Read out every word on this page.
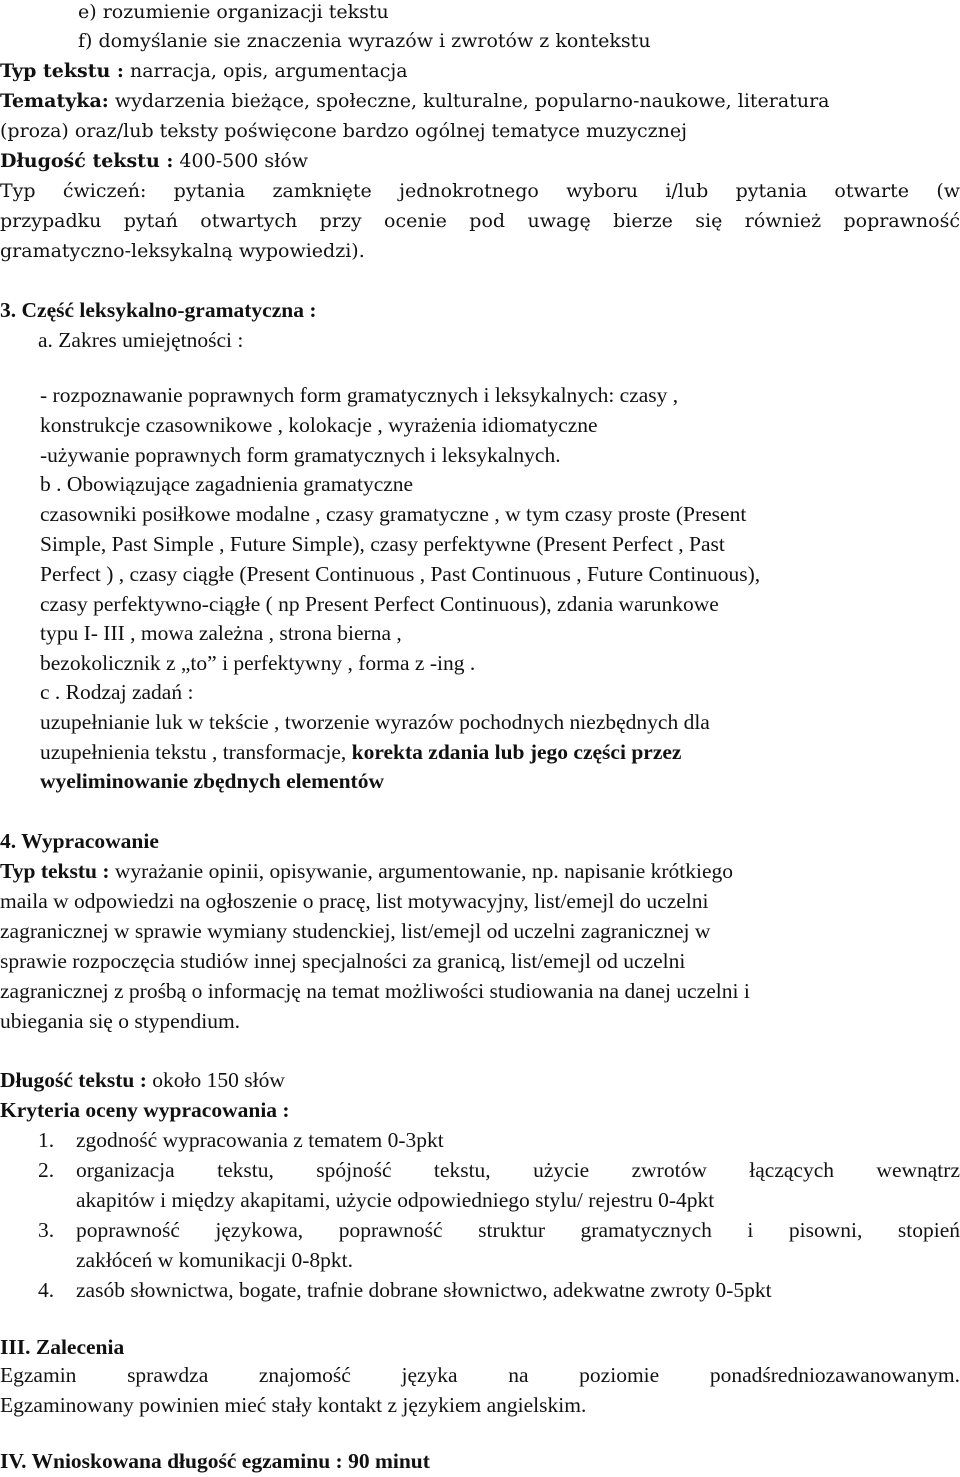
e) rozumienie organizacji tekstu
f) domyślanie sie znaczenia wyrazów i zwrotów z kontekstu
Typ tekstu : narracja, opis, argumentacja
Tematyka: wydarzenia bieżące, społeczne, kulturalne, popularno-naukowe, literatura
(proza) oraz/lub teksty poświęcone bardzo ogólnej tematyce muzycznej
Długość tekstu : 400-500 słów
Typ ćwiczeń: pytania zamknięte jednokrotnego wyboru i/lub pytania otwarte (w
przypadku pytań otwartych przy ocenie pod uwagę bierze się również poprawność
gramatyczno-leksykalną wypowiedzi).
3. Część leksykalno-gramatyczna :
a. Zakres umiejętności :
- rozpoznawanie poprawnych form gramatycznych i leksykalnych: czasy ,
konstrukcje czasownikowe , kolokacje , wyrażenia idiomatyczne
-używanie poprawnych form gramatycznych i leksykalnych.
b . Obowiązujące zagadnienia gramatyczne
czasowniki posiłkowe modalne , czasy gramatyczne , w tym czasy proste (Present
Simple, Past Simple , Future Simple), czasy perfektywne (Present Perfect , Past
Perfect ) , czasy ciągłe (Present Continuous , Past Continuous , Future Continuous),
czasy perfektywno-ciągłe ( np Present Perfect Continuous), zdania warunkowe
typu I- III , mowa zależna , strona bierna ,
bezokolicznik z „to” i perfektywny , forma z -ing .
c . Rodzaj zadań :
uzupełnianie luk w tekście , tworzenie wyrazów pochodnych niezbędnych dla
uzupełnienia tekstu , transformacje, korekta zdania lub jego części przez
wyeliminowanie zbędnych elementów
4. Wypracowanie
Typ tekstu : wyrażanie opinii, opisywanie, argumentowanie, np. napisanie krótkiego
maila w odpowiedzi na ogłoszenie o pracę, list motywacyjny, list/emejl do uczelni
zagranicznej w sprawie wymiany studenckiej, list/emejl od uczelni zagranicznej w
sprawie rozpoczęcia studiów innej specjalności za granicą, list/emejl od uczelni
zagranicznej z prośbą o informację na temat możliwości studiowania na danej uczelni i
ubiegania się o stypendium.
Długość tekstu : około 150 słów
Kryteria oceny wypracowania :
1.	zgodność wypracowania z tematem 0-3pkt
2.	organizacja tekstu, spójność tekstu, użycie zwrotów łączących wewnątrz
akapitów i między akapitami, użycie odpowiedniego stylu/ rejestru 0-4pkt
3.	poprawność językowa, poprawność struktur gramatycznych i pisowni, stopień
zakłóceń w komunikacji 0-8pkt.
4.	zasób słownictwa, bogate, trafnie dobrane słownictwo, adekwatne zwroty 0-5pkt
III. Zalecenia
Egzamin sprawdza znajomość języka na poziomie ponadśredniozawanowanym.
Egzaminowany powinien mieć stały kontakt z językiem angielskim.
IV. Wnioskowana długość egzaminu : 90 minut
